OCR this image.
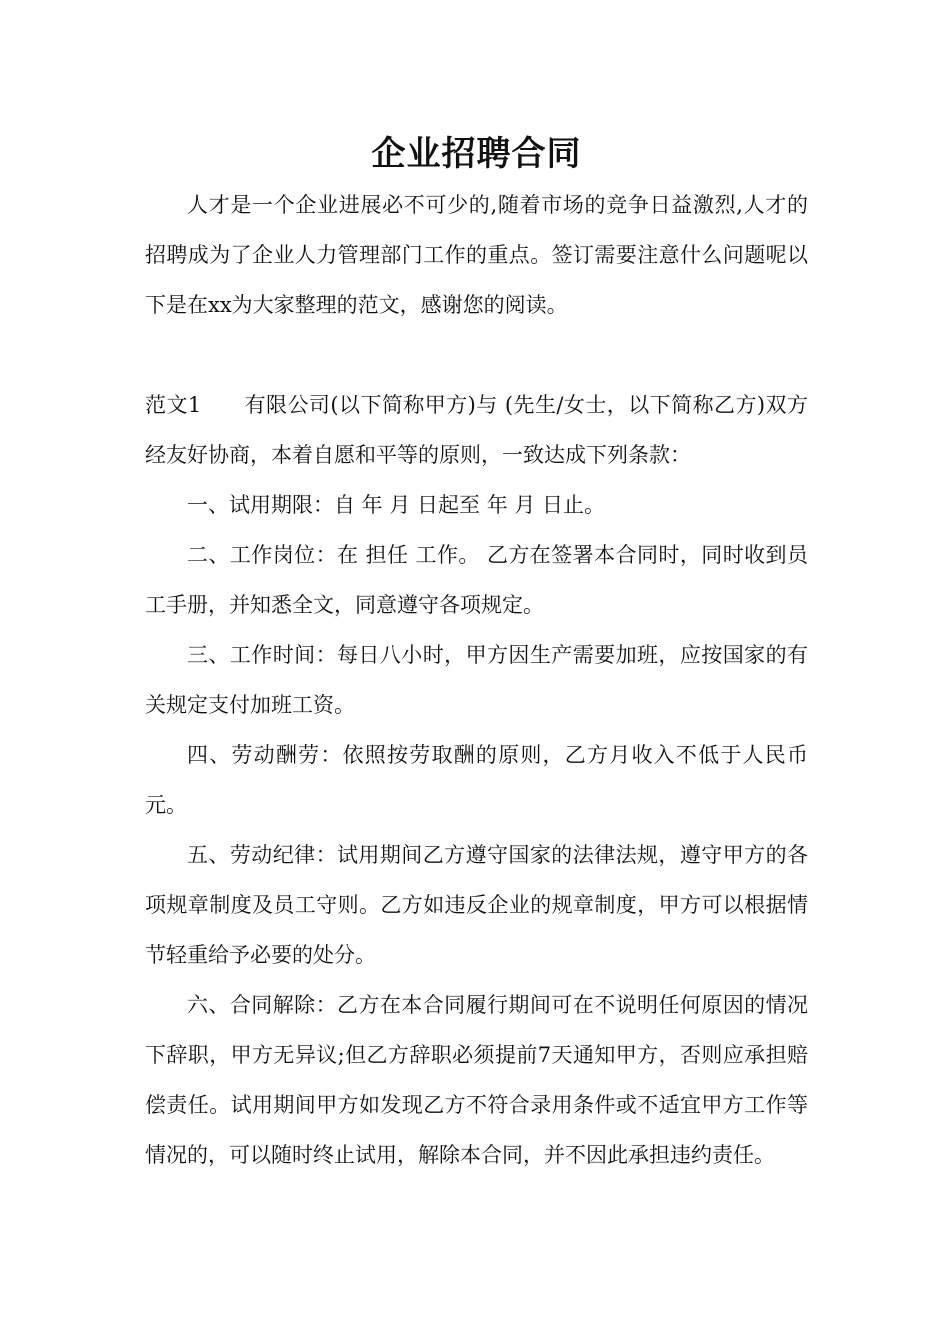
企业招聘合同

人才是一个企业进展必不可少的,随着市场的竞争日益激烈,人才的招聘成为了企业人力管理部门工作的重点。签订需要注意什么问题呢以下是在xx为大家整理的范文，感谢您的阅读。

范文1　　有限公司(以下简称甲方)与 (先生/女士，以下简称乙方)双方经友好协商，本着自愿和平等的原则，一致达成下列条款：

一、试用期限：自 年 月 日起至 年 月 日止。

二、工作岗位：在 担任 工作。 乙方在签署本合同时，同时收到员工手册，并知悉全文，同意遵守各项规定。

三、工作时间：每日八小时，甲方因生产需要加班，应按国家的有关规定支付加班工资。

四、劳动酬劳：依照按劳取酬的原则，乙方月收入不低于人民币 元。

五、劳动纪律：试用期间乙方遵守国家的法律法规，遵守甲方的各项规章制度及员工守则。乙方如违反企业的规章制度，甲方可以根据情节轻重给予必要的处分。

六、合同解除：乙方在本合同履行期间可在不说明任何原因的情况下辞职，甲方无异议;但乙方辞职必须提前7天通知甲方，否则应承担赔偿责任。试用期间甲方如发现乙方不符合录用条件或不适宜甲方工作等情况的，可以随时终止试用，解除本合同，并不因此承担违约责任。
